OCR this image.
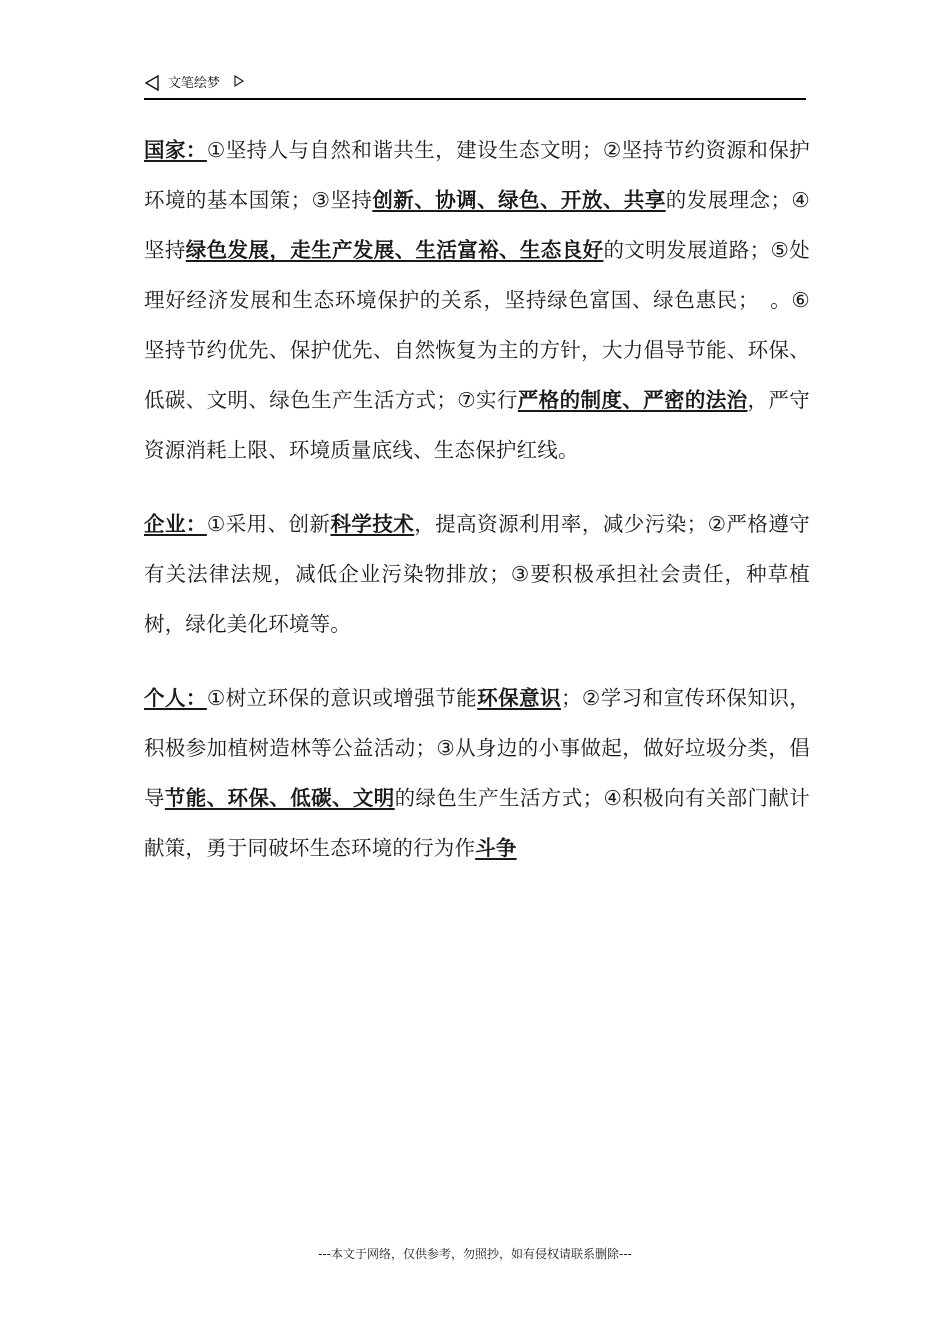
文笔绘梦

国家：①坚持人与自然和谐共生，建设生态文明；②坚持节约资源和保护环境的基本国策；③坚持创新、协调、绿色、开放、共享的发展理念；④坚持绿色发展，走生产发展、生活富裕、生态良好的文明发展道路；⑤处理好经济发展和生态环境保护的关系，坚持绿色富国、绿色惠民；　。⑥坚持节约优先、保护优先、自然恢复为主的方针，大力倡导节能、环保、低碳、文明、绿色生产生活方式；⑦实行严格的制度、严密的法治，严守资源消耗上限、环境质量底线、生态保护红线。

企业：①采用、创新科学技术，提高资源利用率，减少污染；②严格遵守有关法律法规，减低企业污染物排放；③要积极承担社会责任，种草植树，绿化美化环境等。

个人：①树立环保的意识或增强节能环保意识；②学习和宣传环保知识，积极参加植树造林等公益活动；③从身边的小事做起，做好垃圾分类，倡导节能、环保、低碳、文明的绿色生产生活方式；④积极向有关部门献计献策，勇于同破坏生态环境的行为作斗争

---本文于网络，仅供参考，勿照抄，如有侵权请联系删除---
